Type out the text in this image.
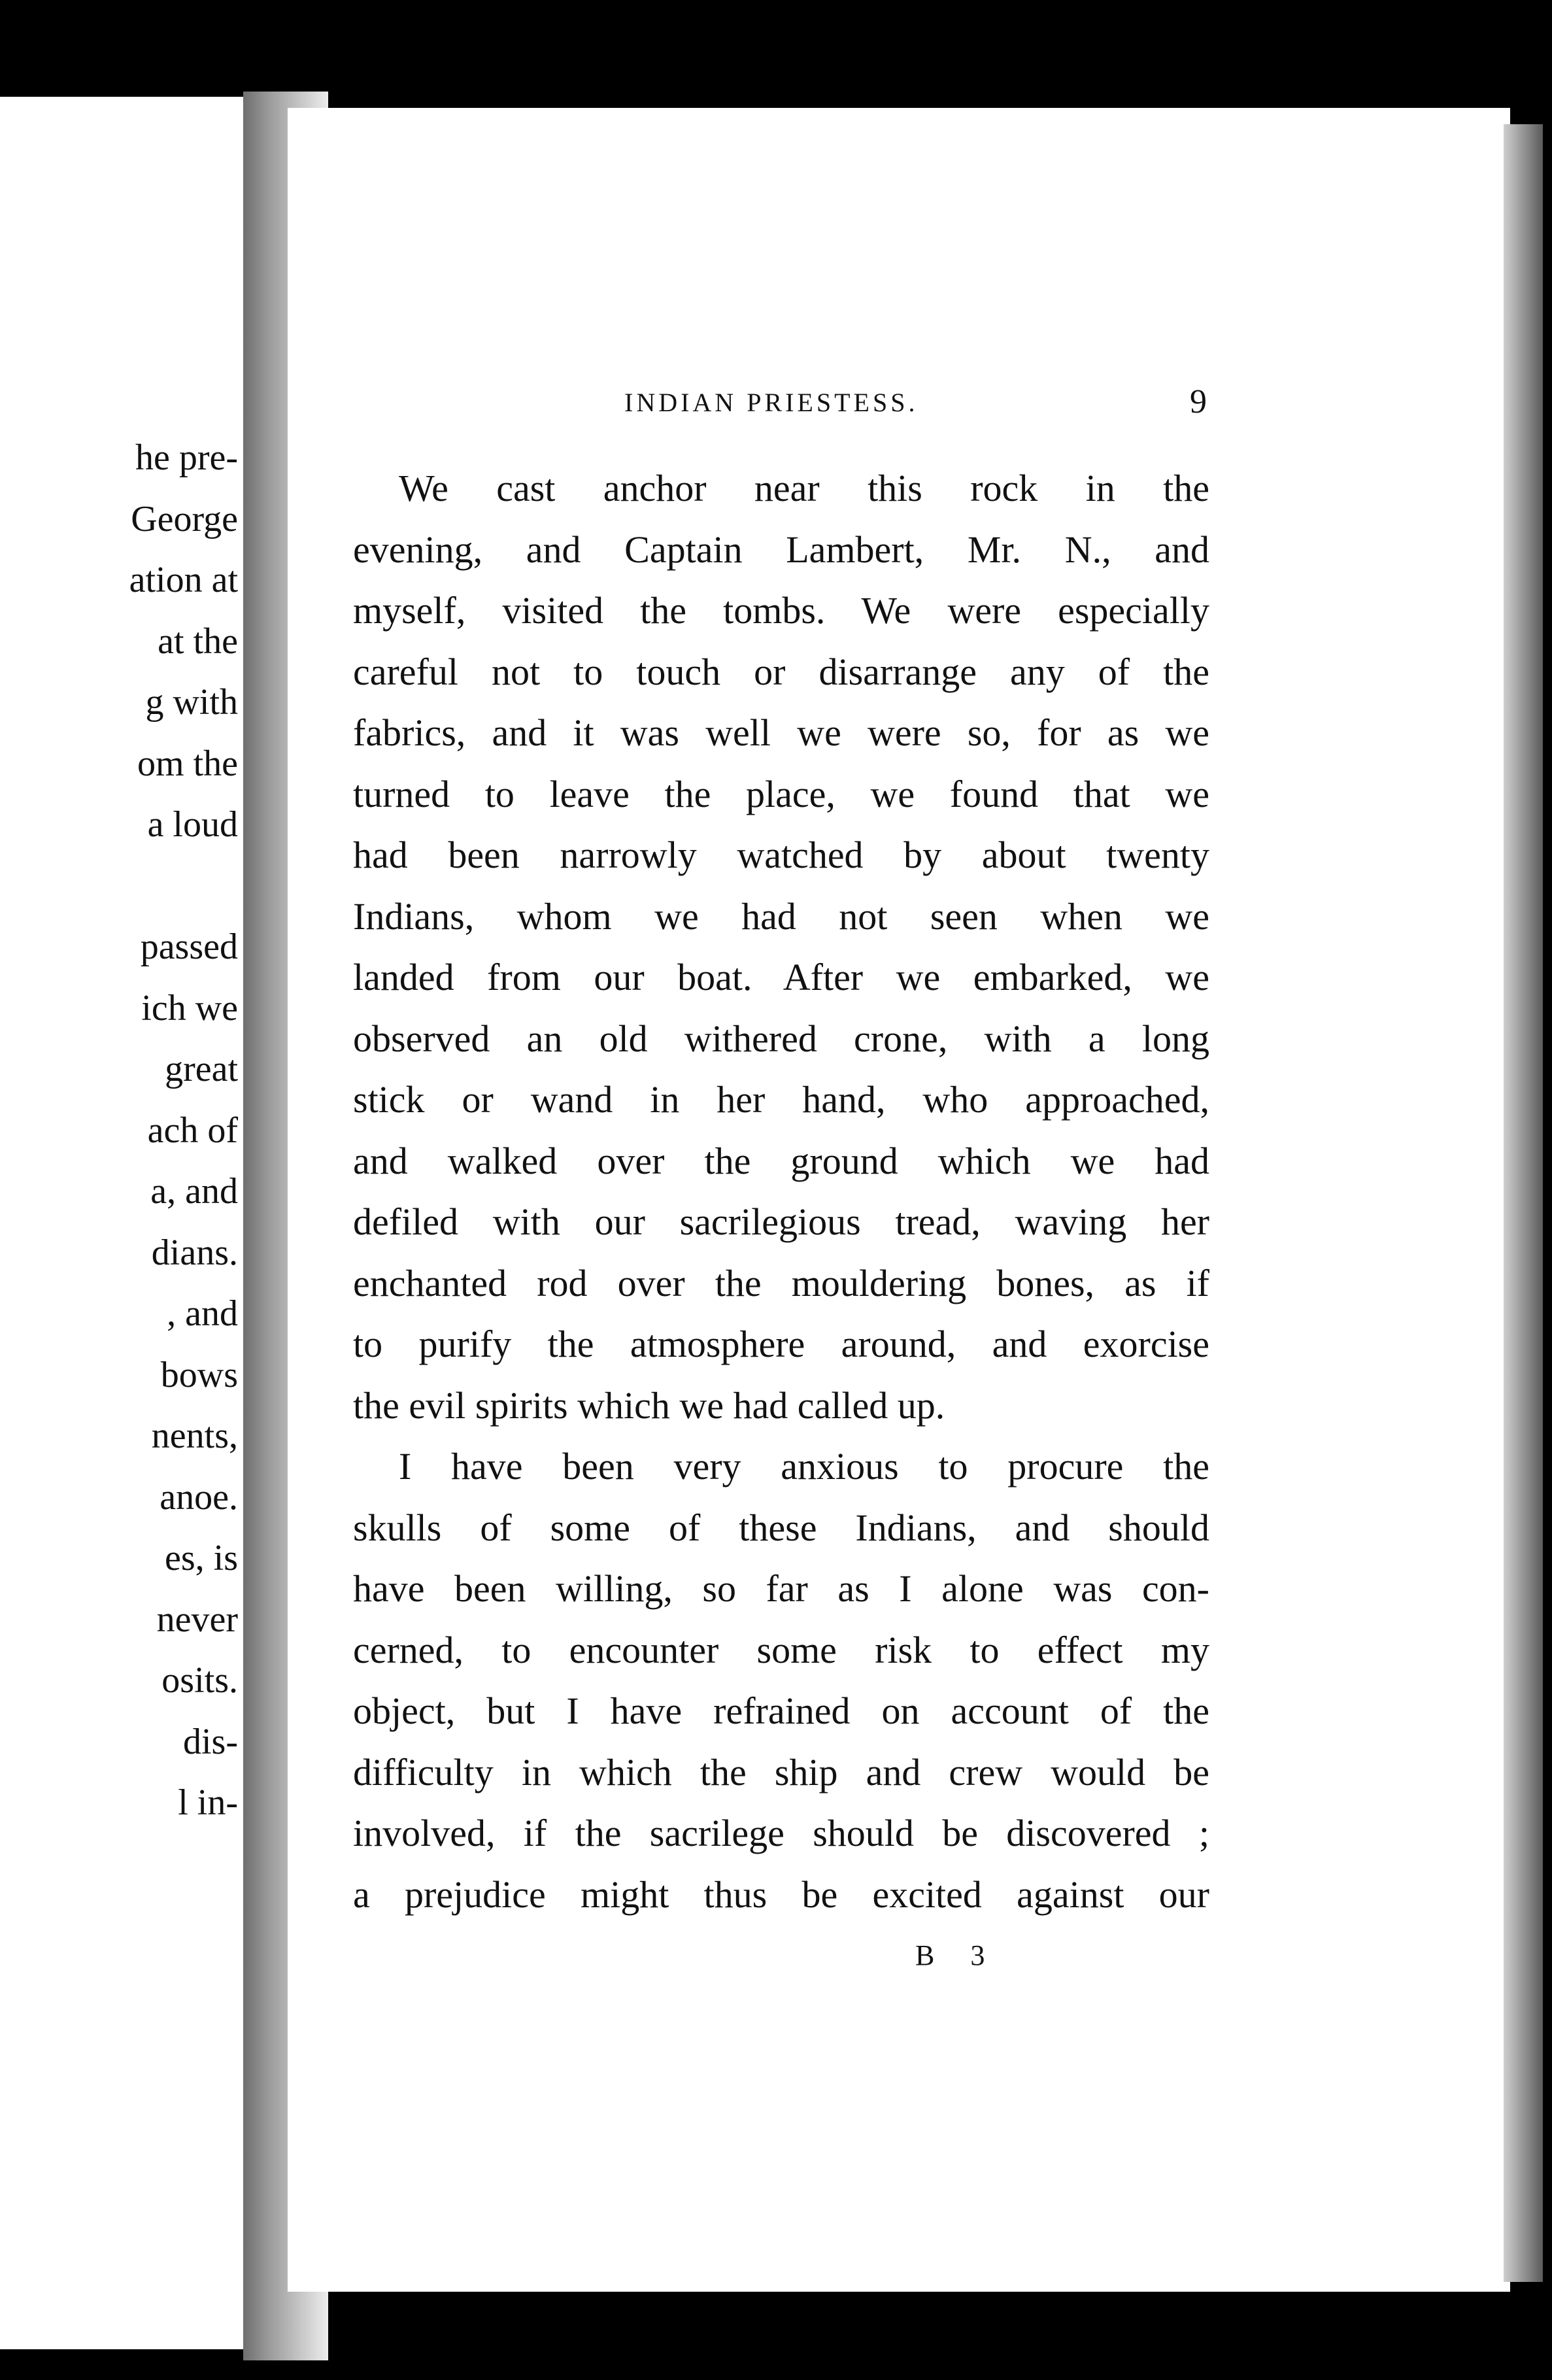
he pre-
George
ation at
at the
g with
om the
a loud
passed
ich we
great
ach of
a, and
dians.
, and
bows
nents,
anoe.
es, is
never
osits.
dis-
l in-
INDIAN PRIESTESS.	9
We cast anchor near this rock in the
evening, and Captain Lambert, Mr. N., and
myself, visited the tombs. We were especially
careful not to touch or disarrange any of the
fabrics, and it was well we were so, for as we
turned to leave the place, we found that we
had been narrowly watched by about twenty
Indians, whom we had not seen when we
landed from our boat. After we embarked, we
observed an old withered crone, with a long
stick or wand in her hand, who approached,
and walked over the ground which we had
defiled with our sacrilegious tread, waving her
enchanted rod over the mouldering bones, as if
to purify the atmosphere around, and exorcise
the evil spirits which we had called up.
I have been very anxious to procure the
skulls of some of these Indians, and should
have been willing, so far as I alone was con-
cerned, to encounter some risk to effect my
object, but I have refrained on account of the
difficulty in which the ship and crew would be
involved, if the sacrilege should be discovered ;
a prejudice might thus be excited against our
B 3
